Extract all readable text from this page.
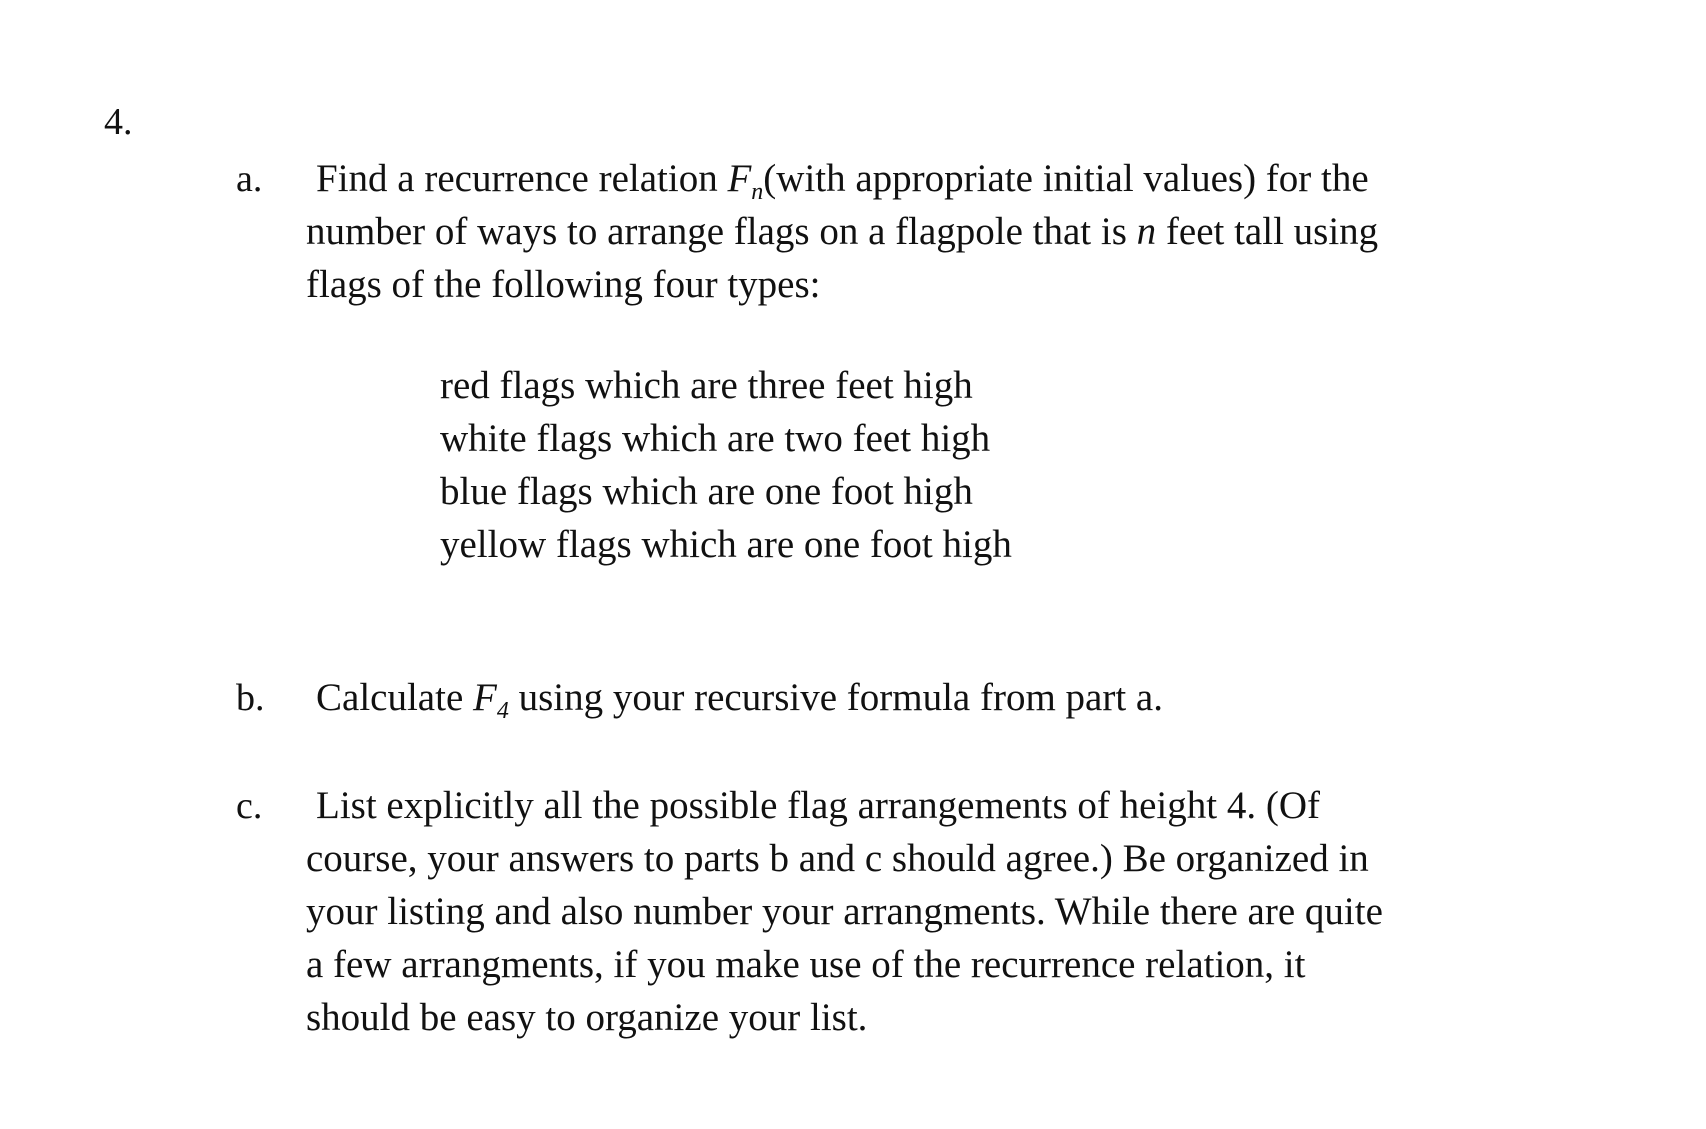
4.
a. Find a recurrence relation $F_n(with$ appropriate initial values) for the
number of ways to arrange flags on a flagpole that is n feet tall using
flags of the following four types:
red flags which are three feet high
white flags which are two feet high
blue flags which are one foot high
yellow flags which are one foot high
b. Calculate $F_4$ using your recursive formula from part a.
c. List explicitly all the possible flag arrangements of height 4. (Of
course, your answers to parts b and c should agree.) Be organized in
your listing and also number your arrangments. While there are quite
a few arrangments, if you make use of the recurrence relation, it
should be easy to organize your list.
